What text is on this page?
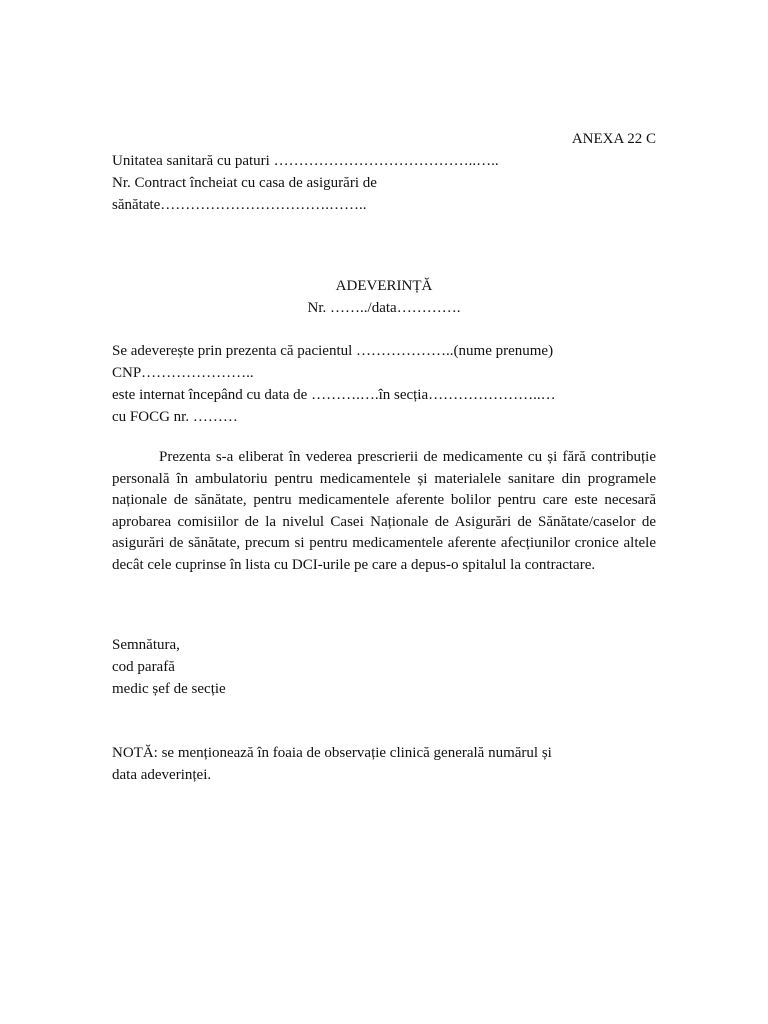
ANEXA 22 C
Unitatea sanitară cu paturi …………………………………..…..
Nr. Contract încheiat cu casa de asigurări de
sănătate…………………………….……..
ADEVERINȚĂ
Nr. ……../data………….
Se adeverește prin prezenta că pacientul ………………..(nume prenume)
CNP…………………..
este internat începând cu data de ……….….în secția…………………..…
cu FOCG nr. ………
Prezenta s-a eliberat în vederea prescrierii de medicamente cu și fără contribuție personală în ambulatoriu pentru medicamentele și materialele sanitare din programele naționale de sănătate, pentru medicamentele aferente bolilor pentru care este necesară aprobarea comisiilor de la nivelul Casei Naționale de Asigurări de Sănătate/caselor de asigurări de sănătate, precum si pentru medicamentele aferente afecțiunilor cronice altele decât cele cuprinse în lista cu DCI-urile pe care a depus-o spitalul la contractare.
Semnătura,
cod parafă
medic șef de secție
NOTĂ: se menționează în foaia de observație clinică generală numărul și
data adeverinței.
